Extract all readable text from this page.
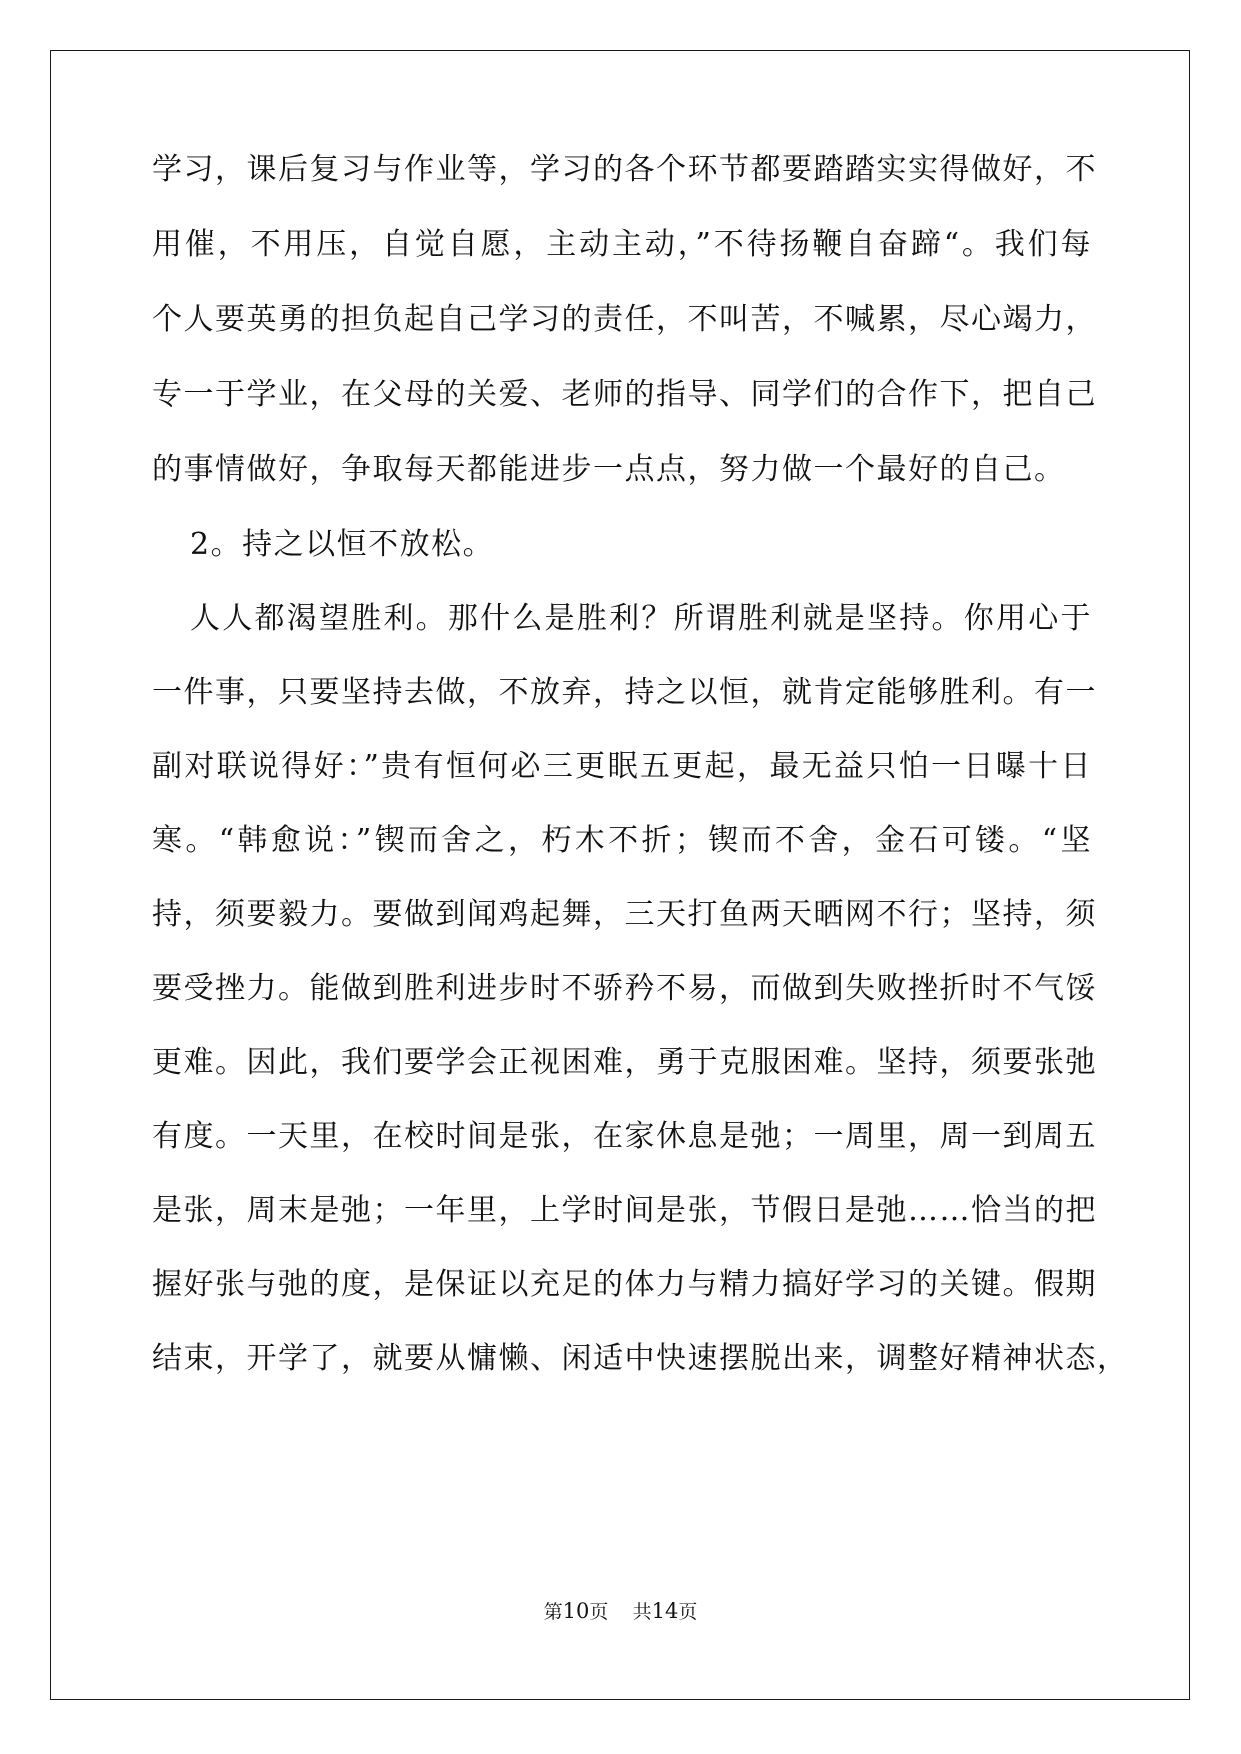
学习，课后复习与作业等，学习的各个环节都要踏踏实实得做好，不
用催，不用压，自觉自愿，主动主动，”不待扬鞭自奋蹄“。我们每
个人要英勇的担负起自己学习的责任，不叫苦，不喊累，尽心竭力，
专一于学业，在父母的关爱、老师的指导、同学们的合作下，把自己
的事情做好，争取每天都能进步一点点，努力做一个最好的自己。
2。持之以恒不放松。
人人都渴望胜利。那什么是胜利？所谓胜利就是坚持。你用心于
一件事，只要坚持去做，不放弃，持之以恒，就肯定能够胜利。有一
副对联说得好：”贵有恒何必三更眠五更起，最无益只怕一日曝十日
寒。“韩愈说：”锲而舍之，朽木不折；锲而不舍，金石可镂。“坚
持，须要毅力。要做到闻鸡起舞，三天打鱼两天晒网不行；坚持，须
要受挫力。能做到胜利进步时不骄矜不易，而做到失败挫折时不气馁
更难。因此，我们要学会正视困难，勇于克服困难。坚持，须要张弛
有度。一天里，在校时间是张，在家休息是弛；一周里，周一到周五
是张，周末是弛；一年里，上学时间是张，节假日是弛……恰当的把
握好张与弛的度，是保证以充足的体力与精力搞好学习的关键。假期
结束，开学了，就要从慵懒、闲适中快速摆脱出来，调整好精神状态，
第10页    共14页
